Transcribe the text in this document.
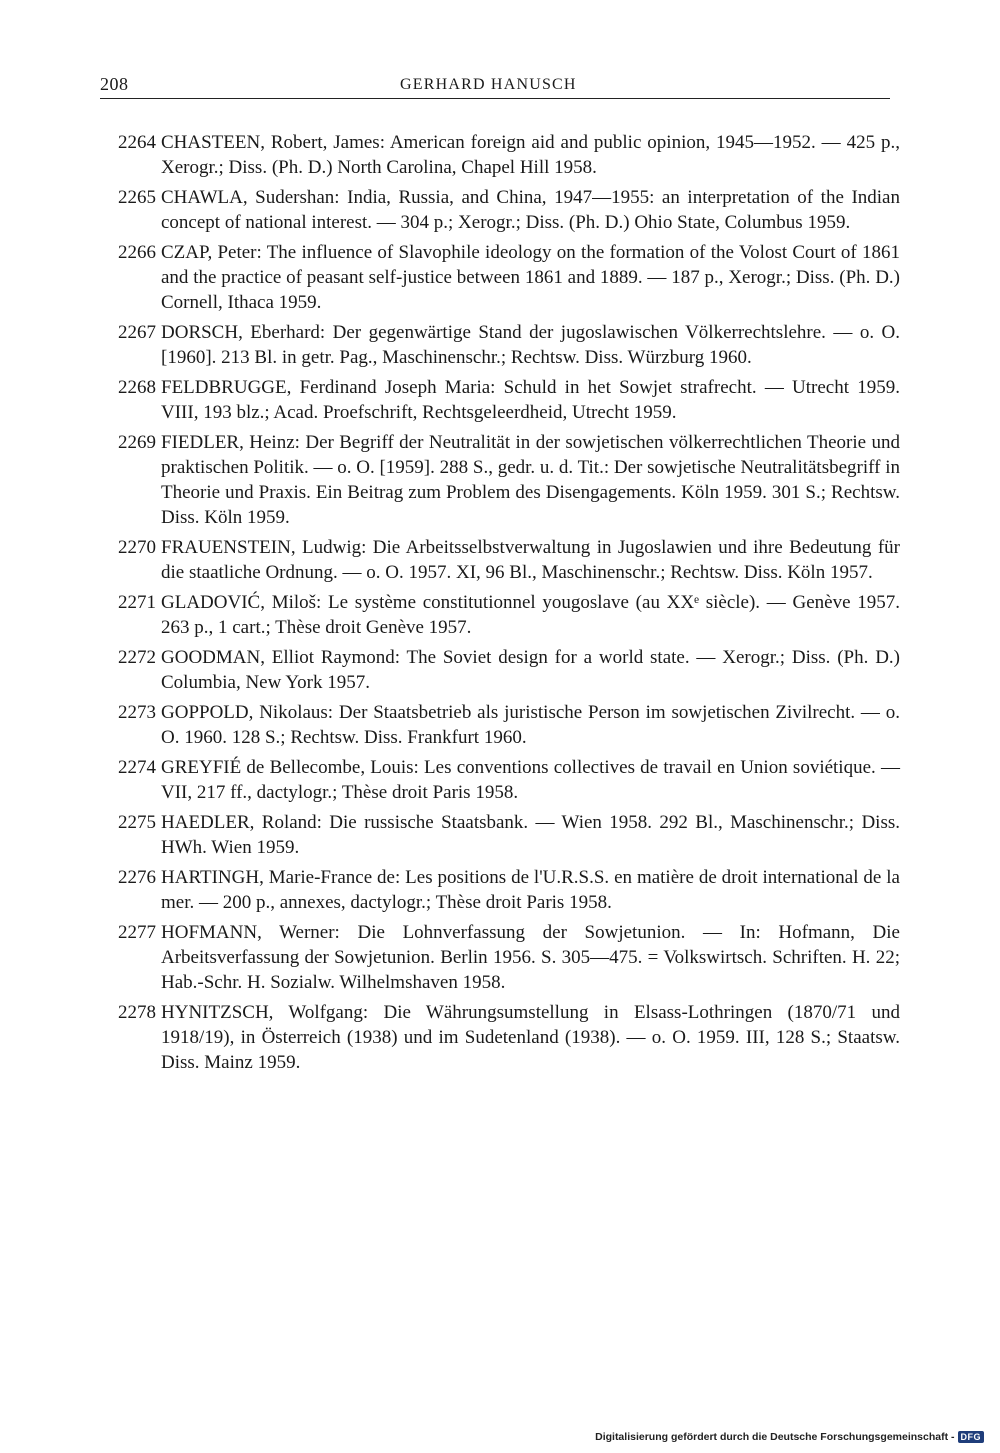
208	GERHARD HANUSCH
2264 CHASTEEN, Robert, James: American foreign aid and public opinion, 1945—1952. — 425 p., Xerogr.; Diss. (Ph. D.) North Carolina, Chapel Hill 1958.
2265 CHAWLA, Sudershan: India, Russia, and China, 1947—1955: an interpretation of the Indian concept of national interest. — 304 p.; Xerogr.; Diss. (Ph. D.) Ohio State, Columbus 1959.
2266 CZAP, Peter: The influence of Slavophile ideology on the formation of the Volost Court of 1861 and the practice of peasant self-justice between 1861 and 1889. — 187 p., Xerogr.; Diss. (Ph. D.) Cornell, Ithaca 1959.
2267 DORSCH, Eberhard: Der gegenwärtige Stand der jugoslawischen Völkerrechtslehre. — o. O. [1960]. 213 Bl. in getr. Pag., Maschinenschr.; Rechtsw. Diss. Würzburg 1960.
2268 FELDBRUGGE, Ferdinand Joseph Maria: Schuld in het Sowjet strafrecht. — Utrecht 1959. VIII, 193 blz.; Acad. Proefschrift, Rechtsgeleerdheid, Utrecht 1959.
2269 FIEDLER, Heinz: Der Begriff der Neutralität in der sowjetischen völkerrechtlichen Theorie und praktischen Politik. — o. O. [1959]. 288 S., gedr. u. d. Tit.: Der sowjetische Neutralitätsbegriff in Theorie und Praxis. Ein Beitrag zum Problem des Disengagements. Köln 1959. 301 S.; Rechtsw. Diss. Köln 1959.
2270 FRAUENSTEIN, Ludwig: Die Arbeitsselbstverwaltung in Jugoslawien und ihre Bedeutung für die staatliche Ordnung. — o. O. 1957. XI, 96 Bl., Maschinenschr.; Rechtsw. Diss. Köln 1957.
2271 GLADOVIĆ, Miloš: Le système constitutionnel yougoslave (au XXᵉ siècle). — Genève 1957. 263 p., 1 cart.; Thèse droit Genève 1957.
2272 GOODMAN, Elliot Raymond: The Soviet design for a world state. — Xerogr.; Diss. (Ph. D.) Columbia, New York 1957.
2273 GOPPOLD, Nikolaus: Der Staatsbetrieb als juristische Person im sowjetischen Zivilrecht. — o. O. 1960. 128 S.; Rechtsw. Diss. Frankfurt 1960.
2274 GREYFIÉ de Bellecombe, Louis: Les conventions collectives de travail en Union soviétique. — VII, 217 ff., dactylogr.; Thèse droit Paris 1958.
2275 HAEDLER, Roland: Die russische Staatsbank. — Wien 1958. 292 Bl., Maschinenschr.; Diss. HWh. Wien 1959.
2276 HARTINGH, Marie-France de: Les positions de l'U.R.S.S. en matière de droit international de la mer. — 200 p., annexes, dactylogr.; Thèse droit Paris 1958.
2277 HOFMANN, Werner: Die Lohnverfassung der Sowjetunion. — In: Hofmann, Die Arbeitsverfassung der Sowjetunion. Berlin 1956. S. 305—475. = Volkswirtsch. Schriften. H. 22; Hab.-Schr. H. Sozialw. Wilhelmshaven 1958.
2278 HYNITZSCH, Wolfgang: Die Währungsumstellung in Elsass-Lothringen (1870/71 und 1918/19), in Österreich (1938) und im Sudetenland (1938). — o. O. 1959. III, 128 S.; Staatsw. Diss. Mainz 1959.
Digitalisierung gefördert durch die Deutsche Forschungsgemeinschaft - DFG
